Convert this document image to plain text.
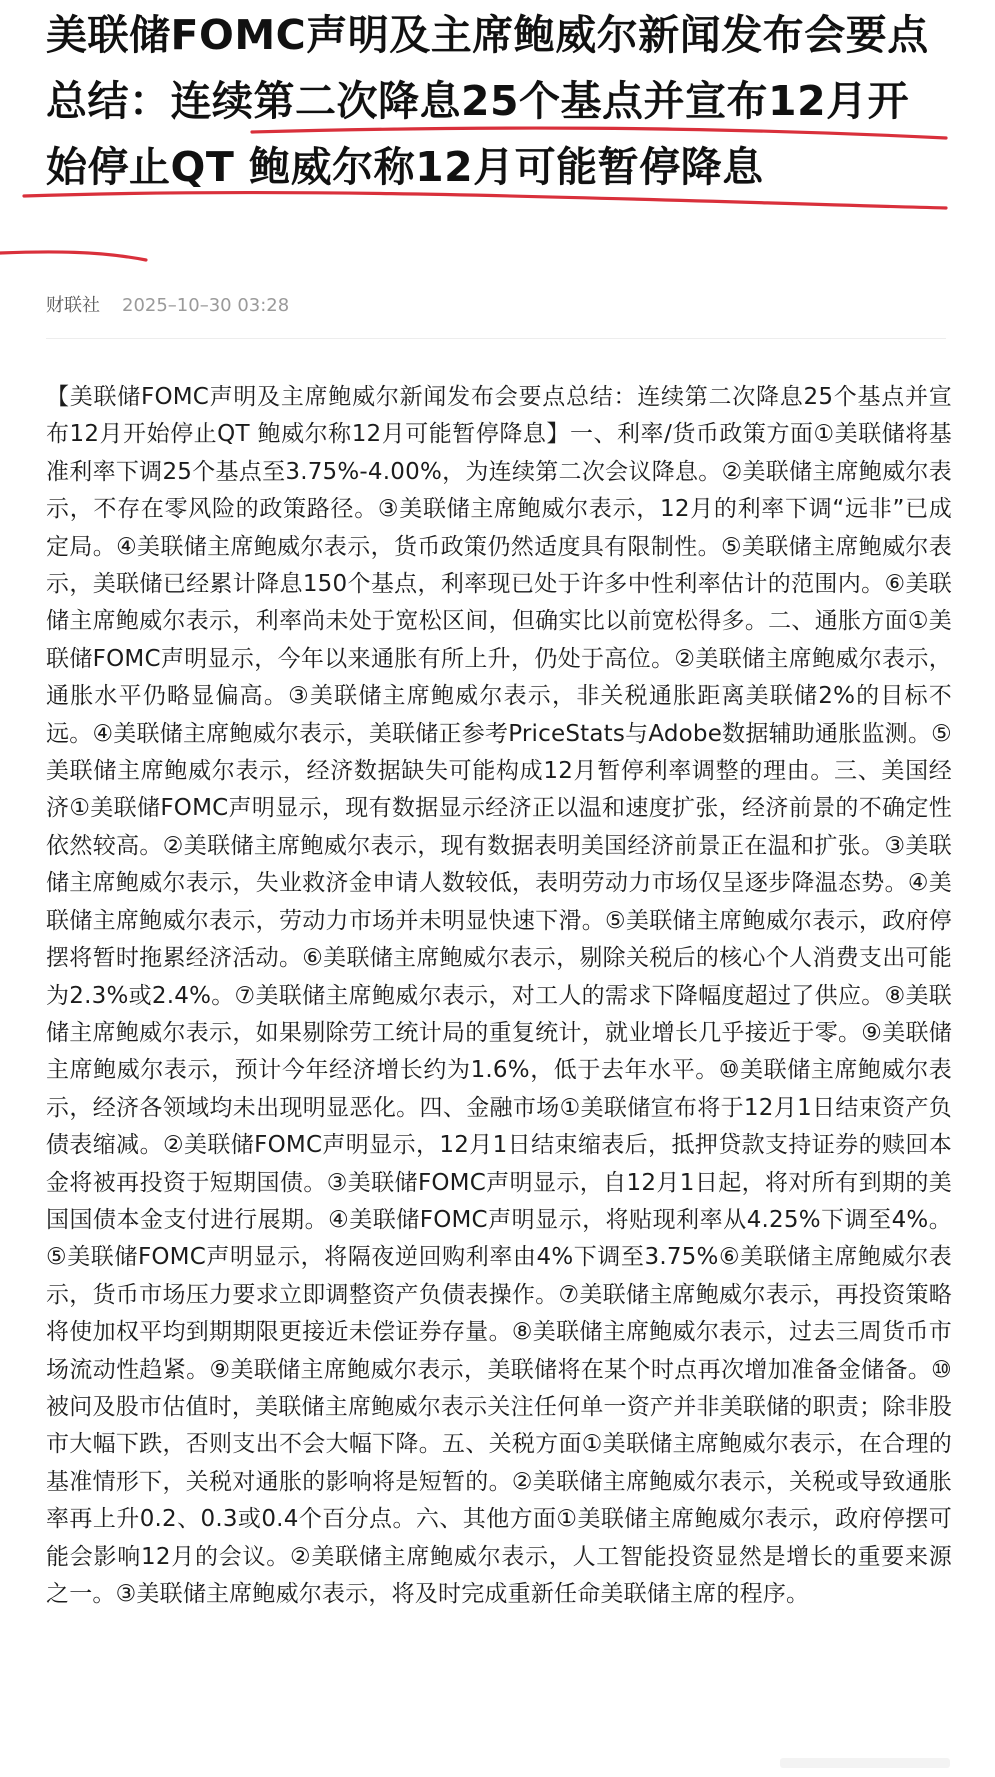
美联储FOMC声明及主席鲍威尔新闻发布会要点总结：连续第二次降息25个基点并宣布12月开始停止QT 鲍威尔称12月可能暂停降息
财联社 2025–10–30 03:28

【美联储FOMC声明及主席鲍威尔新闻发布会要点总结：连续第二次降息25个基点并宣布12月开始停止QT 鲍威尔称12月可能暂停降息】一、利率/货币政策方面①美联储将基准利率下调25个基点至3.75%-4.00%，为连续第二次会议降息。②美联储主席鲍威尔表示，不存在零风险的政策路径。③美联储主席鲍威尔表示，12月的利率下调“远非”已成定局。④美联储主席鲍威尔表示，货币政策仍然适度具有限制性。⑤美联储主席鲍威尔表示，美联储已经累计降息150个基点，利率现已处于许多中性利率估计的范围内。⑥美联储主席鲍威尔表示，利率尚未处于宽松区间，但确实比以前宽松得多。二、通胀方面①美联储FOMC声明显示，今年以来通胀有所上升，仍处于高位。②美联储主席鲍威尔表示，通胀水平仍略显偏高。③美联储主席鲍威尔表示，非关税通胀距离美联储2%的目标不远。④美联储主席鲍威尔表示，美联储正参考PriceStats与Adobe数据辅助通胀监测。⑤美联储主席鲍威尔表示，经济数据缺失可能构成12月暂停利率调整的理由。三、美国经济①美联储FOMC声明显示，现有数据显示经济正以温和速度扩张，经济前景的不确定性依然较高。②美联储主席鲍威尔表示，现有数据表明美国经济前景正在温和扩张。③美联储主席鲍威尔表示，失业救济金申请人数较低，表明劳动力市场仅呈逐步降温态势。④美联储主席鲍威尔表示，劳动力市场并未明显快速下滑。⑤美联储主席鲍威尔表示，政府停摆将暂时拖累经济活动。⑥美联储主席鲍威尔表示，剔除关税后的核心个人消费支出可能为2.3%或2.4%。⑦美联储主席鲍威尔表示，对工人的需求下降幅度超过了供应。⑧美联储主席鲍威尔表示，如果剔除劳工统计局的重复统计，就业增长几乎接近于零。⑨美联储主席鲍威尔表示，预计今年经济增长约为1.6%，低于去年水平。⑩美联储主席鲍威尔表示，经济各领域均未出现明显恶化。四、金融市场①美联储宣布将于12月1日结束资产负债表缩减。②美联储FOMC声明显示，12月1日结束缩表后，抵押贷款支持证券的赎回本金将被再投资于短期国债。③美联储FOMC声明显示，自12月1日起，将对所有到期的美国国债本金支付进行展期。④美联储FOMC声明显示，将贴现利率从4.25%下调至4%。⑤美联储FOMC声明显示，将隔夜逆回购利率由4%下调至3.75%⑥美联储主席鲍威尔表示，货币市场压力要求立即调整资产负债表操作。⑦美联储主席鲍威尔表示，再投资策略将使加权平均到期期限更接近未偿证券存量。⑧美联储主席鲍威尔表示，过去三周货币市场流动性趋紧。⑨美联储主席鲍威尔表示，美联储将在某个时点再次增加准备金储备。⑩被问及股市估值时，美联储主席鲍威尔表示关注任何单一资产并非美联储的职责；除非股市大幅下跌，否则支出不会大幅下降。五、关税方面①美联储主席鲍威尔表示，在合理的基准情形下，关税对通胀的影响将是短暂的。②美联储主席鲍威尔表示，关税或导致通胀率再上升0.2、0.3或0.4个百分点。六、其他方面①美联储主席鲍威尔表示，政府停摆可能会影响12月的会议。②美联储主席鲍威尔表示，人工智能投资显然是增长的重要来源之一。③美联储主席鲍威尔表示，将及时完成重新任命美联储主席的程序。
